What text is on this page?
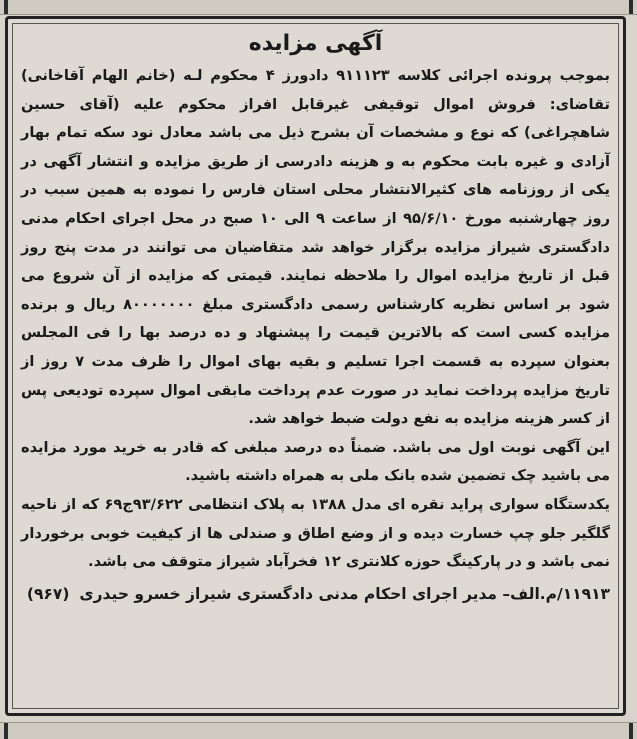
آگهی مزایده

بموجب پرونده اجرائی کلاسه ۹۱۱۱۲۳ دادورز ۴ محکوم لـه (خانم الهام آقاخانی) تقاضای: فروش اموال توقیفی غیرقابل افراز محکوم علیه (آقای حسین شاهچراغی) که نوع و مشخصات آن بشرح ذیل می باشد معادل نود سکه تمام بهار آزادی و غیره بابت محکوم به و هزینه دادرسی از طریق مزایده و انتشار آگهی در یکی از روزنامه های کثیرالانتشار محلی استان فارس را نموده به همین سبب در روز چهارشنبه مورخ ۹۵/۶/۱۰ از ساعت ۹ الی ۱۰ صبح در محل اجرای احکام مدنی دادگستری شیراز مزایده برگزار خواهد شد متقاضیان می توانند در مدت پنج روز قبل از تاریخ مزایده اموال را ملاحظه نمایند. قیمتی که مزایده از آن شروع می شود بر اساس نظریه کارشناس رسمی دادگستری مبلغ ۸۰۰۰۰۰۰۰ ریال و برنده مزایده کسی است که بالاترین قیمت را پیشنهاد و ده درصد بها را فی المجلس بعنوان سپرده به قسمت اجرا تسلیم و بقیه بهای اموال را ظرف مدت ۷ روز از تاریخ مزایده پرداخت نماید در صورت عدم پرداخت مابقی اموال سپرده تودیعی پس از کسر هزینه مزایده به نفع دولت ضبط خواهد شد.

این آگهی نوبت اول می باشد. ضمناً ده درصد مبلغی که قادر به خرید مورد مزایده می باشید چک تضمین شده بانک ملی به همراه داشته باشید.

یکدستگاه سواری پراید نقره ای مدل ۱۳۸۸ به پلاک انتظامی ۹۳/۶۲۲ج۶۹ که از ناحیه گلگیر جلو چپ خسارت دیده و از وضع اطاق و صندلی ها از کیفیت خوبی برخوردار نمی باشد و در پارکینگ حوزه کلانتری ۱۲ فخرآباد شیراز متوقف می باشد.

۱۱۹۱۳/م.الف– مدیر اجرای احکام مدنی دادگستری شیراز خسرو حیدری(۹۶۷)
